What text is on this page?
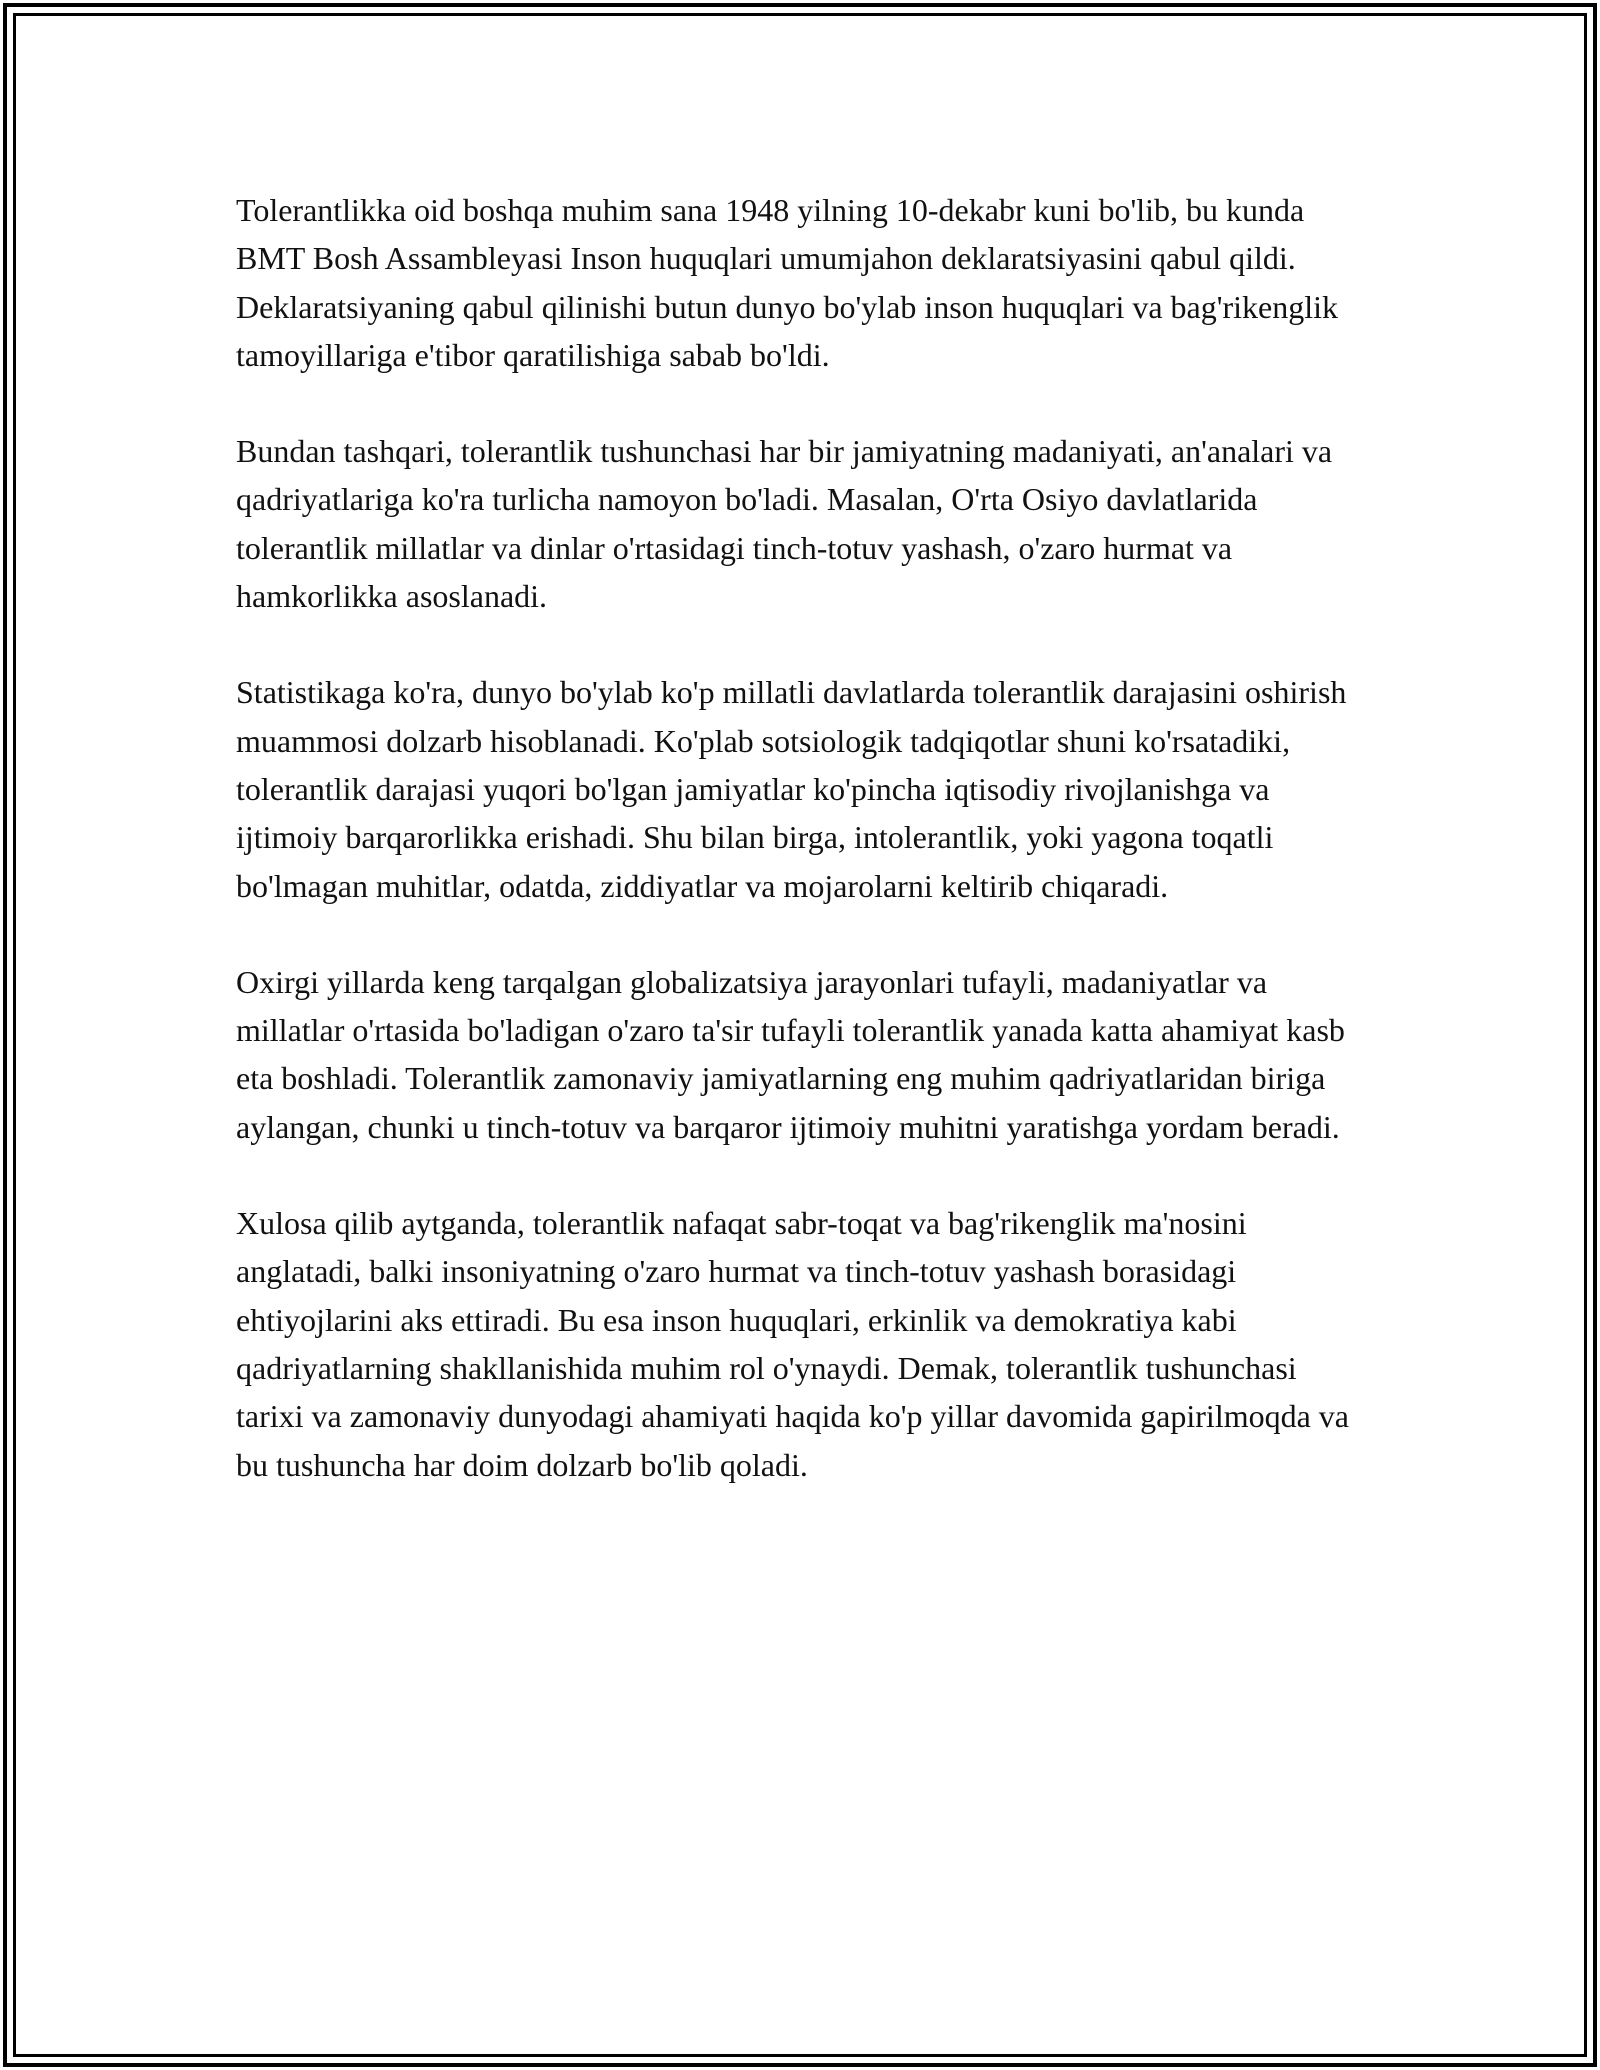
Tolerantlikka oid boshqa muhim sana 1948 yilning 10-dekabr kuni bo'lib, bu kunda BMT Bosh Assambleyasi Inson huquqlari umumjahon deklaratsiyasini qabul qildi. Deklaratsiyaning qabul qilinishi butun dunyo bo'ylab inson huquqlari va bag'rikenglik tamoyillariga e'tibor qaratilishiga sabab bo'ldi.

Bundan tashqari, tolerantlik tushunchasi har bir jamiyatning madaniyati, an'analari va qadriyatlariga ko'ra turlicha namoyon bo'ladi. Masalan, O'rta Osiyo davlatlarida tolerantlik millatlar va dinlar o'rtasidagi tinch-totuv yashash, o'zaro hurmat va hamkorlikka asoslanadi.

Statistikaga ko'ra, dunyo bo'ylab ko'p millatli davlatlarda tolerantlik darajasini oshirish muammosi dolzarb hisoblanadi. Ko'plab sotsiologik tadqiqotlar shuni ko'rsatadiki, tolerantlik darajasi yuqori bo'lgan jamiyatlar ko'pincha iqtisodiy rivojlanishga va ijtimoiy barqarorlikka erishadi. Shu bilan birga, intolerantlik, yoki yagona toqatli bo'lmagan muhitlar, odatda, ziddiyatlar va mojarolarni keltirib chiqaradi.

Oxirgi yillarda keng tarqalgan globalizatsiya jarayonlari tufayli, madaniyatlar va millatlar o'rtasida bo'ladigan o'zaro ta'sir tufayli tolerantlik yanada katta ahamiyat kasb eta boshladi. Tolerantlik zamonaviy jamiyatlarning eng muhim qadriyatlaridan biriga aylangan, chunki u tinch-totuv va barqaror ijtimoiy muhitni yaratishga yordam beradi.

Xulosa qilib aytganda, tolerantlik nafaqat sabr-toqat va bag'rikenglik ma'nosini anglatadi, balki insoniyatning o'zaro hurmat va tinch-totuv yashash borasidagi ehtiyojlarini aks ettiradi. Bu esa inson huquqlari, erkinlik va demokratiya kabi qadriyatlarning shakllanishida muhim rol o'ynaydi. Demak, tolerantlik tushunchasi tarixi va zamonaviy dunyodagi ahamiyati haqida ko'p yillar davomida gapirilmoqda va bu tushuncha har doim dolzarb bo'lib qoladi.
